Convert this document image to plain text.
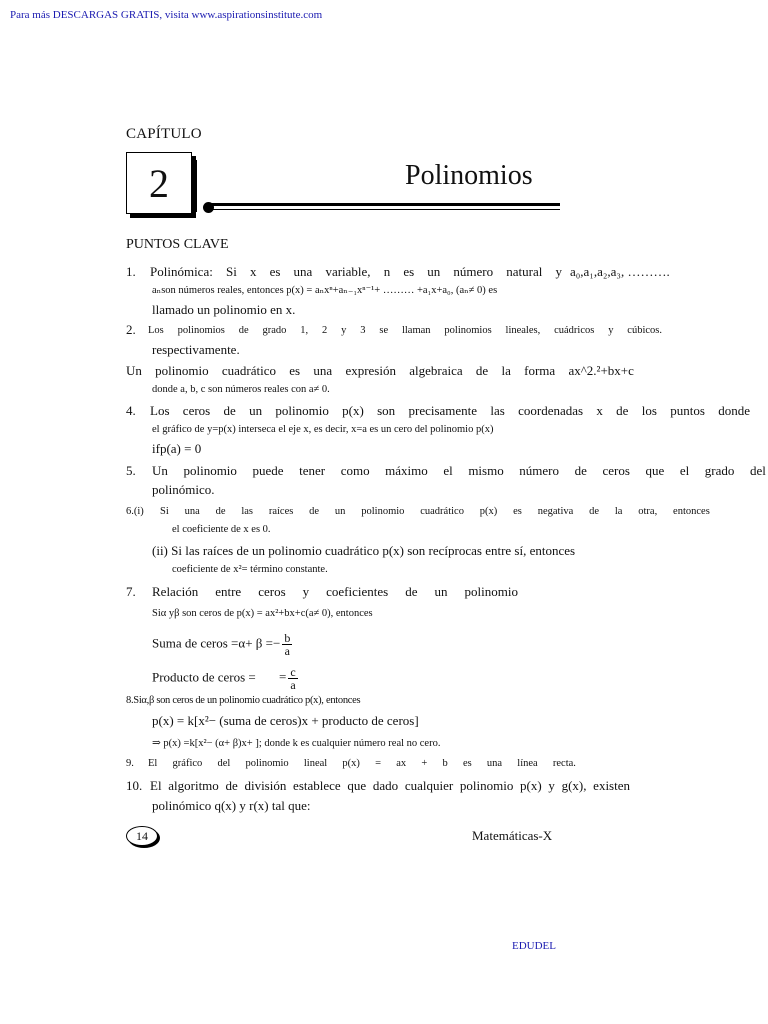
Para más DESCARGAS GRATIS, visita www.aspirationsinstitute.com
CAPÍTULO
2	Polinomios
PUNTOS CLAVE
1. Polinómica: Si x es una variable, n es un número natural y a₀,a₁,a₂,a₃, ……….
aₙson números reales, entonces p(x) = aₙxⁿ+aₙ₋₁xⁿ⁻¹+ ……… +a₁x+a₀, (aₙ≠ 0) es
llamado un polinomio en x.
2. Los polinomios de grado 1, 2 y 3 se llaman polinomios lineales, cuádricos y cúbicos.
respectivamente.
Un polinomio cuadrático es una expresión algebraica de la forma ax^2.²+bx+c
donde a, b, c son números reales con a≠ 0.
4. Los ceros de un polinomio p(x) son precisamente las coordenadas x de los puntos donde
el gráfico de y=p(x) interseca el eje x, es decir, x=a es un cero del polinomio p(x)
ifp(a) = 0
5. Un polinomio puede tener como máximo el mismo número de ceros que el grado del
polinómico.
6.(i) Si una de las raíces de un polinomio cuadrático p(x) es negativa de la otra, entonces
el coeficiente de x es 0.
(ii) Si las raíces de un polinomio cuadrático p(x) son recíprocas entre sí, entonces
coeficiente de x²= término constante.
7. Relación entre ceros y coeficientes de un polinomio
Siα yβ son ceros de p(x) = ax²+bx+c(a≠ 0), entonces
Suma de ceros $=\alpha+ \beta =- \frac{b}{a}$
Producto de ceros = = $\frac{c}{a}$
8.Siα,β son ceros de un polinomio cuadrático p(x), entonces
p(x) = k[x²− (suma de ceros)x + producto de ceros]
⇒ p(x) =k[x²− (α+ β)x+ ]; donde k es cualquier número real no cero.
9. El gráfico del polinomio lineal p(x) = ax + b es una línea recta.
10. El algoritmo de división establece que dado cualquier polinomio p(x) y g(x), existen
polinómico q(x) y r(x) tal que:
14	Matemáticas-X
EDUDEL
